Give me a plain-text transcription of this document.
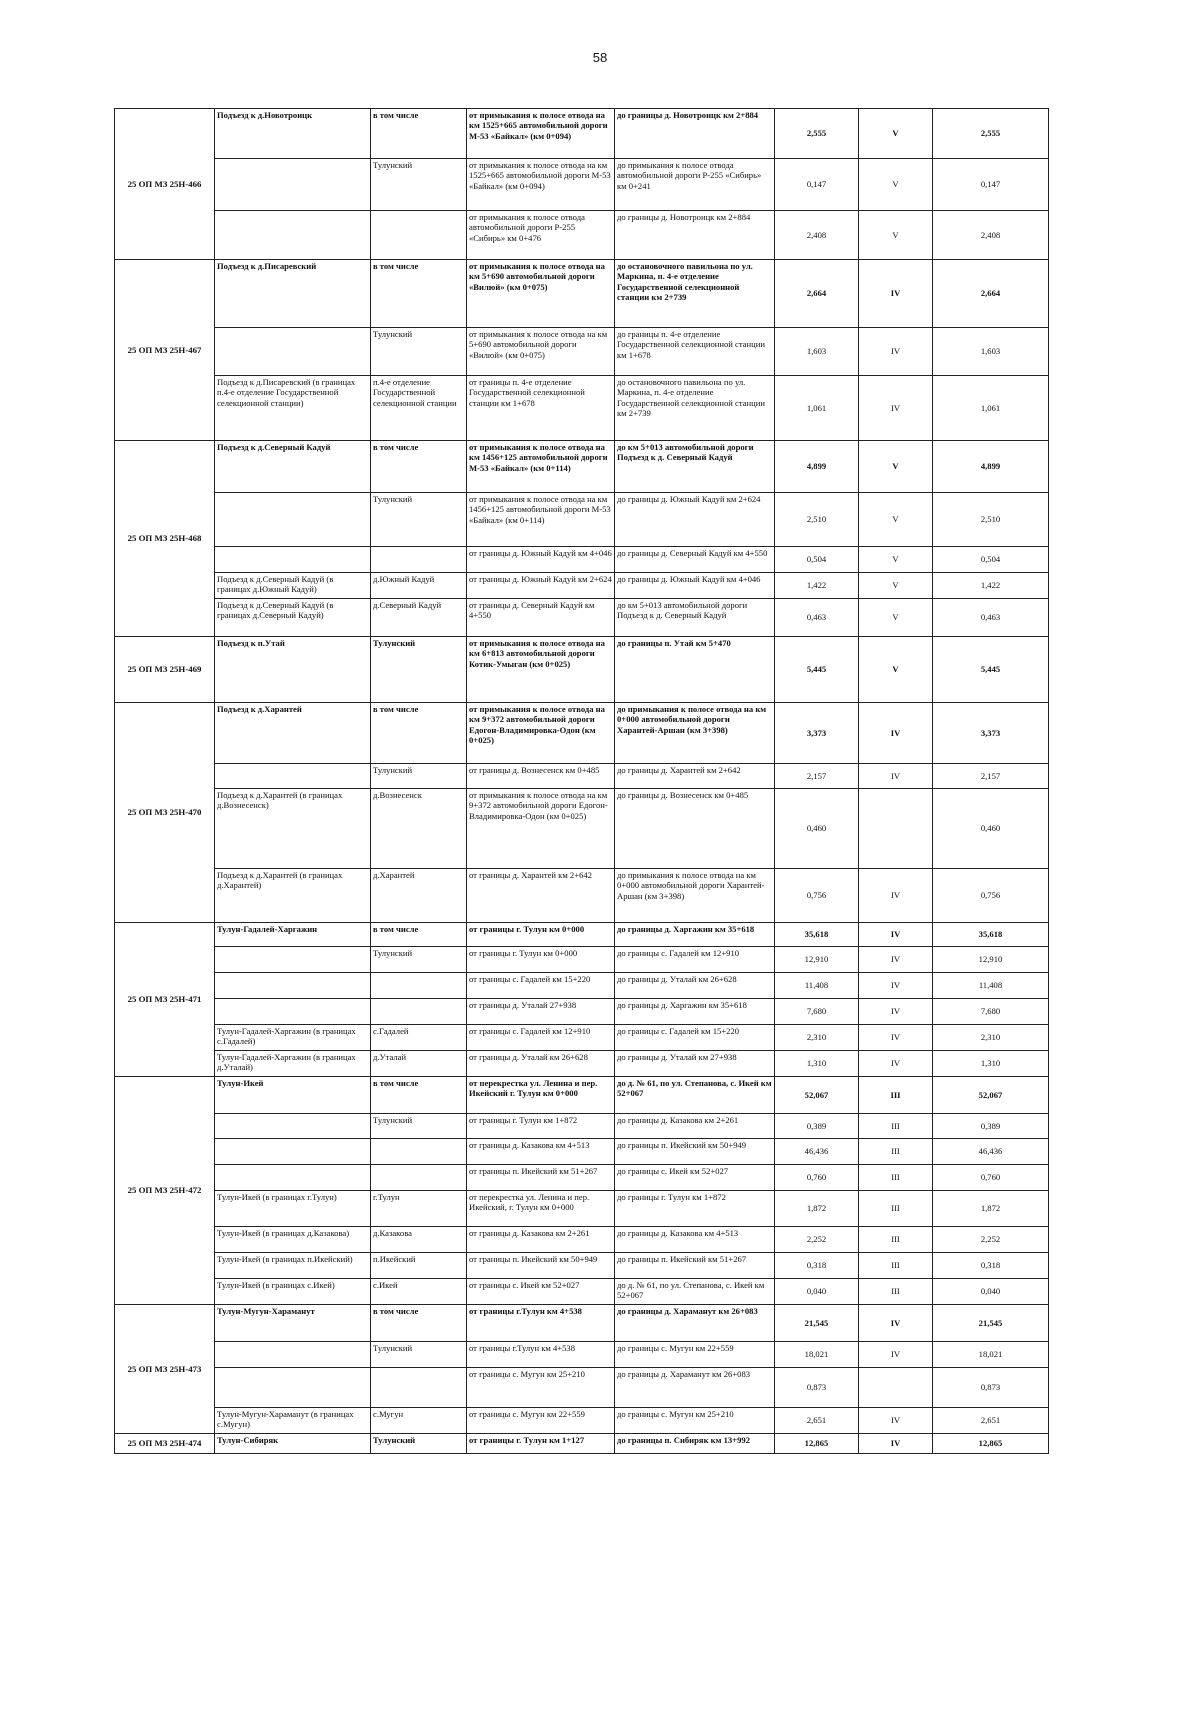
58
25 ОП МЗ 25Н-466	Подъезд к д.Новотроицк	в том числе	от примыкания к полосе отвода на км 1525+665 автомобильной дороги М-53 «Байкал» (км 0+094)	до границы д. Новотроицк км 2+884	2,555	V	2,555
		Тулунский	от примыкания к полосе отвода на км 1525+665 автомобильной дороги М-53 «Байкал» (км 0+094)	до примыкания к полосе отвода автомобильной дороги Р-255 «Сибирь» км 0+241	0,147	V	0,147
			от примыкания к полосе отвода автомобильной дороги Р-255 «Сибирь» км 0+476	до границы д. Новотроицк км 2+884	2,408	V	2,408
25 ОП МЗ 25Н-467	Подъезд к д.Писаревский	в том числе	от примыкания к полосе отвода на км 5+690 автомобильной дороги «Вилюй» (км 0+075)	до остановочного павильона по ул. Маркина, п. 4-е отделение Государственной селекционной станции км 2+739	2,664	IV	2,664
		Тулунский	от примыкания к полосе отвода на км 5+690 автомобильной дороги «Вилюй» (км 0+075)	до границы п. 4-е отделение Государственной селекционной станции км 1+678	1,603	IV	1,603
	Подъезд к д.Писаревский (в границах п.4-е отделение Государственной селекционной станции)	п.4-е отделение Государственной селекционной станции	от границы п. 4-е отделение Государственной селекционной станции км 1+678	до остановочного павильона по ул. Маркина, п. 4-е отделение Государственной селекционной станции км 2+739	1,061	IV	1,061
25 ОП МЗ 25Н-468	Подъезд к д.Северный Кадуй	в том числе	от примыкания к полосе отвода на км 1456+125 автомобильной дороги М-53 «Байкал» (км 0+114)	до км 5+013 автомобильной дороги Подъезд к д. Северный Кадуй	4,899	V	4,899
		Тулунский	от примыкания к полосе отвода на км 1456+125 автомобильной дороги М-53 «Байкал» (км 0+114)	до границы д. Южный Кадуй км 2+624	2,510	V	2,510
			от границы д. Южный Кадуй км 4+046	до границы д. Северный Кадуй км 4+550	0,504	V	0,504
	Подъезд к д.Северный Кадуй (в границах д.Южный Кадуй)	д.Южный Кадуй	от границы д. Южный Кадуй км 2+624	до границы д. Южный Кадуй км 4+046	1,422	V	1,422
	Подъезд к д.Северный Кадуй (в границах д.Северный Кадуй)	д.Северный Кадуй	от границы д. Северный Кадуй км 4+550	до км 5+013 автомобильной дороги Подъезд к д. Северный Кадуй	0,463	V	0,463
25 ОП МЗ 25Н-469	Подъезд к п.Утай	Тулунский	от примыкания к полосе отвода на км 6+813 автомобильной дороги Котик-Умыган (км 0+025)	до границы п. Утай км 5+470	5,445	V	5,445
25 ОП МЗ 25Н-470	Подъезд к д.Харантей	в том числе	от примыкания к полосе отвода на км 9+372 автомобильной дороги Едогон-Владимировка-Одон (км 0+025)	до примыкания к полосе отвода на км 0+000 автомобильной дороги Харантей-Аршан (км 3+398)	3,373	IV	3,373
		Тулунский	от границы д. Вознесенск км 0+485	до границы д. Харантей км 2+642	2,157	IV	2,157
	Подъезд к д.Харантей (в границах д.Вознесенск)	д.Вознесенск	от примыкания к полосе отвода на км 9+372 автомобильной дороги Едогон-Владимировка-Одон (км 0+025)	до границы д. Вознесенск км 0+485	0,460		0,460
	Подъезд к д.Харантей (в границах д.Харантей)	д.Харантей	от границы д. Харантей км 2+642	до примыкания к полосе отвода на км 0+000 автомобильной дороги Харантей-Аршан (км 3+398)	0,756	IV	0,756
25 ОП МЗ 25Н-471	Тулун-Гадалей-Харгажин	в том числе	от границы г. Тулун км 0+000	до границы д. Харгажин км 35+618	35,618	IV	35,618
		Тулунский	от границы г. Тулун км 0+000	до границы с. Гадалей км 12+910	12,910	IV	12,910
			от границы с. Гадалей км 15+220	до границы д. Уталай км 26+628	11,408	IV	11,408
			от границы д. Уталай 27+938	до границы д. Харгажин км 35+618	7,680	IV	7,680
	Тулун-Гадалей-Харгажин (в границах с.Гадалей)	с.Гадалей	от границы с. Гадалей км 12+910	до границы с. Гадалей км 15+220	2,310	IV	2,310
	Тулун-Гадалей-Харгажин (в границах д.Уталай)	д.Уталай	от границы д. Уталай км 26+628	до границы д. Уталай км 27+938	1,310	IV	1,310
25 ОП МЗ 25Н-472	Тулун-Икей	в том числе	от перекрестка ул. Ленина и пер. Икейский г. Тулун км 0+000	до д. № 61, по ул. Степанова, с. Икей км 52+067	52,067	III	52,067
		Тулунский	от границы г. Тулун км 1+872	до границы д. Казакова км 2+261	0,389	III	0,389
			от границы д. Казакова км 4+513	до границы п. Икейский км 50+949	46,436	III	46,436
			от границы п. Икейский км 51+267	до границы с. Икей км 52+027	0,760	III	0,760
	Тулун-Икей (в границах г.Тулун)	г.Тулун	от перекрестка ул. Ленина и пер. Икейский, г. Тулун км 0+000	до границы г. Тулун км 1+872	1,872	III	1,872
	Тулун-Икей (в границах д.Казакова)	д.Казакова	от границы д. Казакова км 2+261	до границы д. Казакова км 4+513	2,252	III	2,252
	Тулун-Икей (в границах п.Икейский)	п.Икейский	от границы п. Икейский км 50+949	до границы п. Икейский км 51+267	0,318	III	0,318
	Тулун-Икей (в границах с.Икей)	с.Икей	от границы с. Икей км 52+027	до д. № 61, по ул. Степанова, с. Икей км 52+067	0,040	III	0,040
25 ОП МЗ 25Н-473	Тулун-Мугун-Хараманут	в том числе	от границы г.Тулун км 4+538	до границы д. Хараманут км 26+083	21,545	IV	21,545
		Тулунский	от границы г.Тулун км 4+538	до границы с. Мугун км 22+559	18,021	IV	18,021
			от границы с. Мугун км 25+210	до границы д. Хараманут км 26+083	0,873		0,873
	Тулун-Мугун-Хараманут (в границах с.Мугун)	с.Мугун	от границы с. Мугун км 22+559	до границы с. Мугун км 25+210	2,651	IV	2,651
25 ОП МЗ 25Н-474	Тулун-Сибиряк	Тулунский	от границы г. Тулун км 1+127	до границы п. Сибиряк км 13+992	12,865	IV	12,865
